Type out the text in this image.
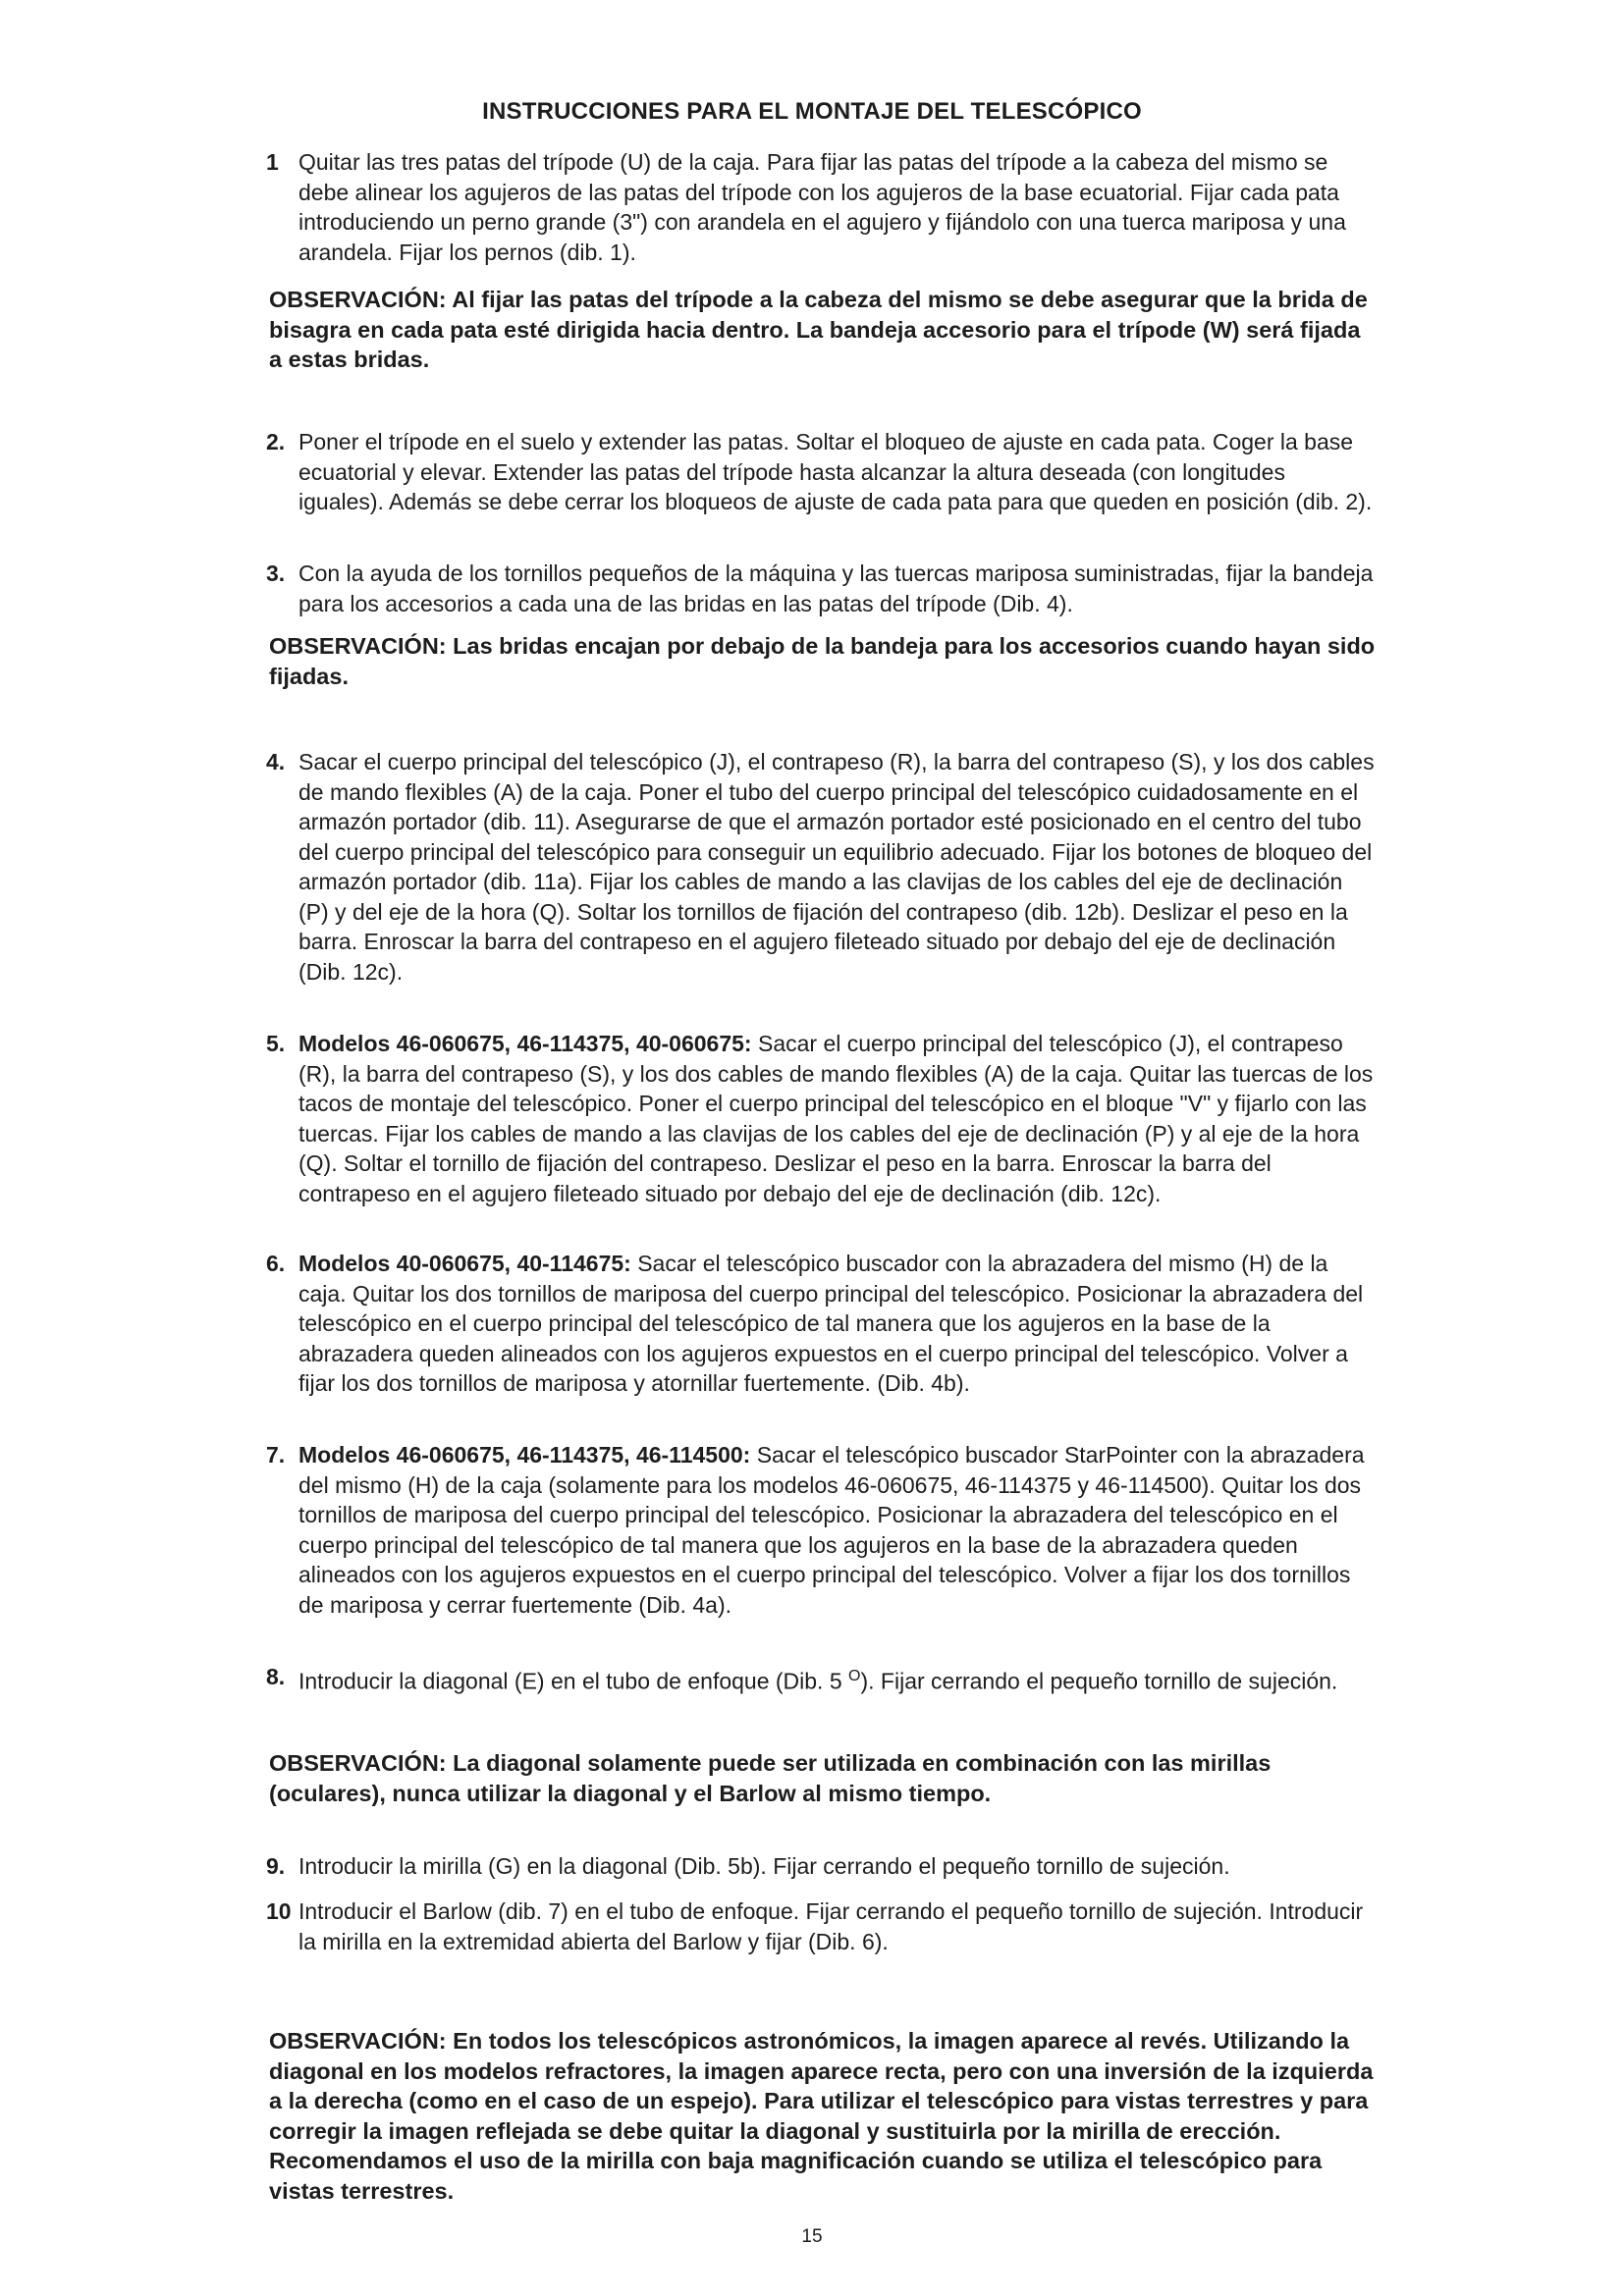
INSTRUCCIONES PARA EL MONTAJE DEL TELESCÓPICO
1 Quitar las tres patas del trípode (U) de la caja. Para fijar las patas del trípode a la cabeza del mismo se debe alinear los agujeros de las patas del trípode con los agujeros de la base ecuatorial. Fijar cada pata introduciendo un perno grande (3") con arandela en el agujero y fijándolo con una tuerca mariposa y una arandela. Fijar los pernos (dib. 1).
OBSERVACIÓN: Al fijar las patas del trípode a la cabeza del mismo se debe asegurar que la brida de bisagra en cada pata esté dirigida hacia dentro. La bandeja accesorio para el trípode (W) será fijada a estas bridas.
2. Poner el trípode en el suelo y extender las patas. Soltar el bloqueo de ajuste en cada pata. Coger la base ecuatorial y elevar. Extender las patas del trípode hasta alcanzar la altura deseada (con longitudes iguales). Además se debe cerrar los bloqueos de ajuste de cada pata para que queden en posición (dib. 2).
3. Con la ayuda de los tornillos pequeños de la máquina y las tuercas mariposa suministradas, fijar la bandeja para los accesorios a cada una de las bridas en las patas del trípode (Dib. 4).
OBSERVACIÓN: Las bridas encajan por debajo de la bandeja para los accesorios cuando hayan sido fijadas.
4. Sacar el cuerpo principal del telescópico (J), el contrapeso (R), la barra del contrapeso (S), y los dos cables de mando flexibles (A) de la caja. Poner el tubo del cuerpo principal del telescópico cuidadosamente en el armazón portador (dib. 11). Asegurarse de que el armazón portador esté posicionado en el centro del tubo del cuerpo principal del telescópico para conseguir un equilibrio adecuado. Fijar los botones de bloqueo del armazón portador (dib. 11a). Fijar los cables de mando a las clavijas de los cables del eje de declinación (P) y del eje de la hora (Q). Soltar los tornillos de fijación del contrapeso (dib. 12b). Deslizar el peso en la barra. Enroscar la barra del contrapeso en el agujero fileteado situado por debajo del eje de declinación (Dib. 12c).
5. Modelos 46-060675, 46-114375, 40-060675: Sacar el cuerpo principal del telescópico (J), el contrapeso (R), la barra del contrapeso (S), y los dos cables de mando flexibles (A) de la caja. Quitar las tuercas de los tacos de montaje del telescópico. Poner el cuerpo principal del telescópico en el bloque "V" y fijarlo con las tuercas. Fijar los cables de mando a las clavijas de los cables del eje de declinación (P) y al eje de la hora (Q). Soltar el tornillo de fijación del contrapeso. Deslizar el peso en la barra. Enroscar la barra del contrapeso en el agujero fileteado situado por debajo del eje de declinación (dib. 12c).
6. Modelos 40-060675, 40-114675: Sacar el telescópico buscador con la abrazadera del mismo (H) de la caja. Quitar los dos tornillos de mariposa del cuerpo principal del telescópico. Posicionar la abrazadera del telescópico en el cuerpo principal del telescópico de tal manera que los agujeros en la base de la abrazadera queden alineados con los agujeros expuestos en el cuerpo principal del telescópico. Volver a fijar los dos tornillos de mariposa y atornillar fuertemente. (Dib. 4b).
7. Modelos 46-060675, 46-114375, 46-114500: Sacar el telescópico buscador StarPointer con la abrazadera del mismo (H) de la caja (solamente para los modelos 46-060675, 46-114375 y 46-114500). Quitar los dos tornillos de mariposa del cuerpo principal del telescópico. Posicionar la abrazadera del telescópico en el cuerpo principal del telescópico de tal manera que los agujeros en la base de la abrazadera queden alineados con los agujeros expuestos en el cuerpo principal del telescópico. Volver a fijar los dos tornillos de mariposa y cerrar fuertemente (Dib. 4a).
8. Introducir la diagonal (E) en el tubo de enfoque (Dib. 5 $^O$). Fijar cerrando el pequeño tornillo de sujeción.
OBSERVACIÓN: La diagonal solamente puede ser utilizada en combinación con las mirillas (oculares), nunca utilizar la diagonal y el Barlow al mismo tiempo.
9. Introducir la mirilla (G) en la diagonal (Dib. 5b). Fijar cerrando el pequeño tornillo de sujeción.
10 Introducir el Barlow (dib. 7) en el tubo de enfoque. Fijar cerrando el pequeño tornillo de sujeción. Introducir la mirilla en la extremidad abierta del Barlow y fijar (Dib. 6).
OBSERVACIÓN: En todos los telescópicos astronómicos, la imagen aparece al revés. Utilizando la diagonal en los modelos refractores, la imagen aparece recta, pero con una inversión de la izquierda a la derecha (como en el caso de un espejo). Para utilizar el telescópico para vistas terrestres y para corregir la imagen reflejada se debe quitar la diagonal y sustituirla por la mirilla de erección. Recomendamos el uso de la mirilla con baja magnificación cuando se utiliza el telescópico para vistas terrestres.
15
